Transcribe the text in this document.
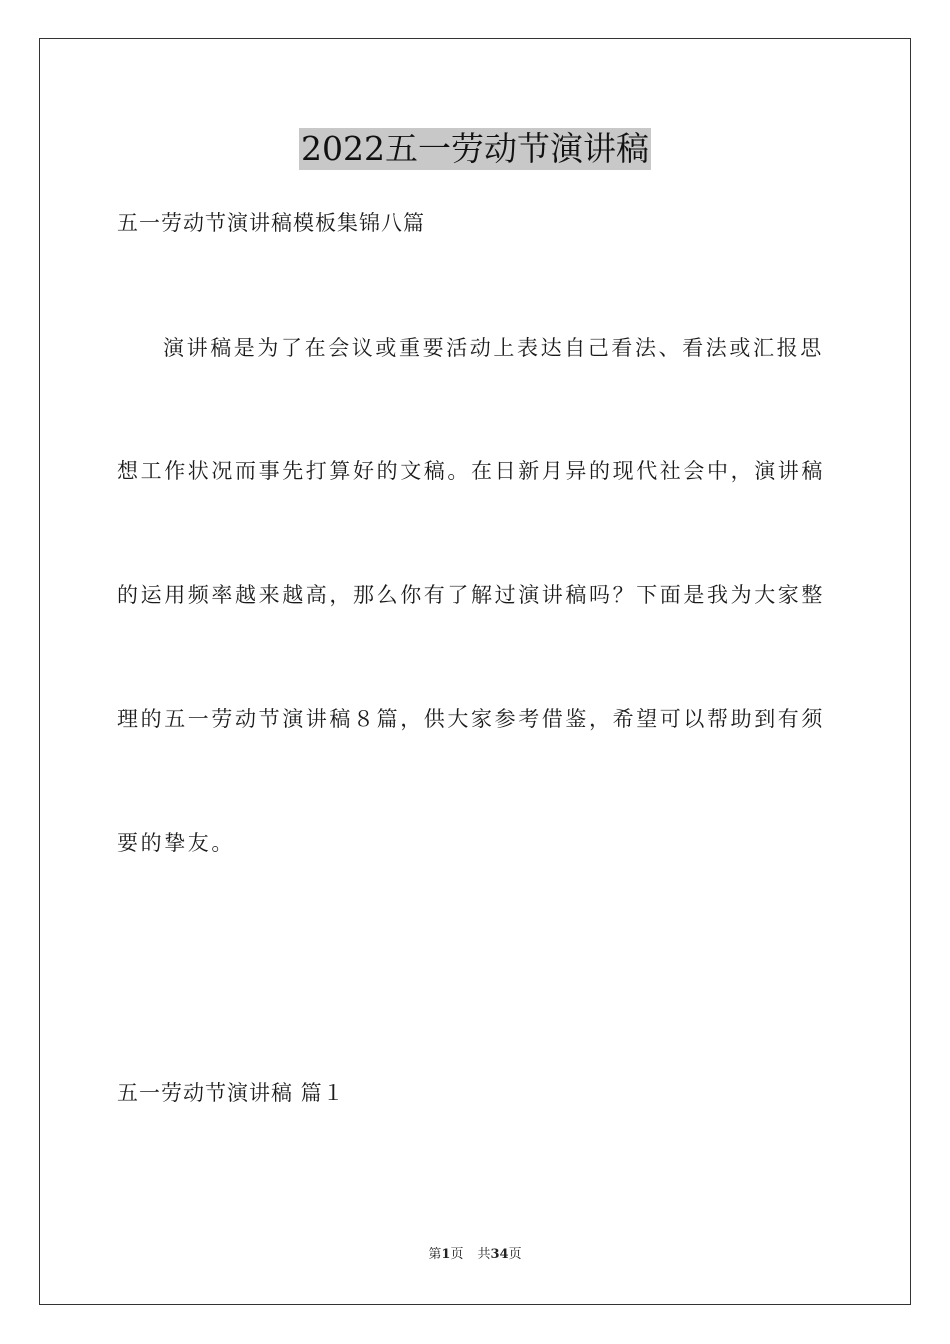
2022五一劳动节演讲稿
五一劳动节演讲稿模板集锦八篇
演讲稿是为了在会议或重要活动上表达自己看法、看法或汇报思
想工作状况而事先打算好的文稿。在日新月异的现代社会中，演讲稿
的运用频率越来越高，那么你有了解过演讲稿吗？下面是我为大家整
理的五一劳动节演讲稿８篇，供大家参考借鉴，希望可以帮助到有须
要的挚友。
五一劳动节演讲稿 篇１
第1页 共34页
